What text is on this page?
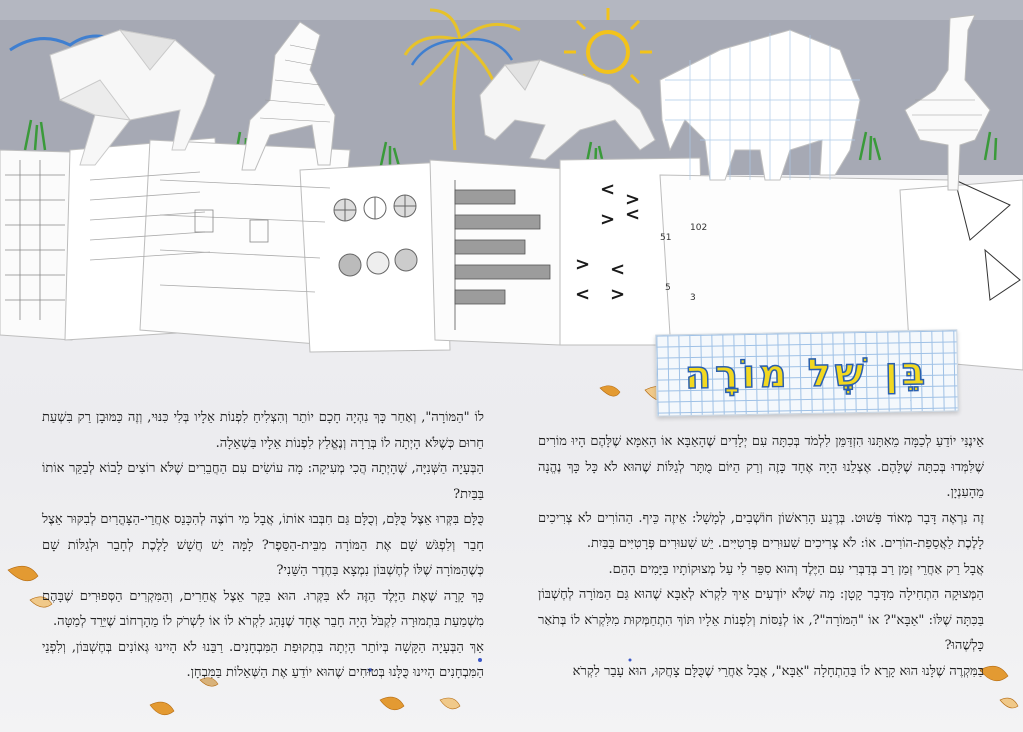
< >
> <
> <
< >	5
3
51
102
בֵּן שֶׁל מוֹרָה

לוֹ "הַמּוֹרָה", וְאַחַר כָּךְ נִהְיָה חָכָם יוֹתֵר וְהִצְלִיחַ לִפְנוֹת אֵלָיו בְּלִי כִּנּוּי, וְזֶה כַּמּוּבָן רַק בִּשְׁעַת חֵרוּם כְּשֶׁלֹּא הָיְתָה לוֹ בְּרֵרָה וְנֶאֱלַץ לִפְנוֹת אֵלָיו בִּשְׁאֵלָה.

הַבְּעָיָה הַשְּׁנִיָּה, שֶׁהָיְתָה הֲכִי מְעִיקָה: מָה עוֹשִׂים עִם הַחֲבֵרִים שֶׁלֹּא רוֹצִים לָבוֹא לְבַקֵּר אוֹתוֹ בַּבַּיִת?

כֻּלָּם בִּקְּרוּ אֵצֶל כֻּלָּם, וְכֻלָּם גַּם חִבְּבוּ אוֹתוֹ, אֲבָל מִי רוֹצֶה לְהִכָּנֵס אַחֲרֵי-הַצָּהֳרַיִם לְבִקּוּר אֵצֶל חָבֵר וְלִפְגֹּשׁ שָׁם אֶת הַמּוֹרָה מִבֵּית-הַסֵּפֶר? לָמָּה יֵשׁ חֲשָׁשׁ לָלֶכֶת לְחָבֵר וּלְגַלּוֹת שָׁם כְּשֶׁהַמּוֹרָה שֶׁלּוֹ לְחֶשְׁבּוֹן נִמְצָא בַּחֶדֶר הַשֵּׁנִי?

כָּךְ קָרָה שֶׁאֶת הַיֶּלֶד הַזֶּה לֹא בִּקְּרוּ. הוּא בִּקֵּר אֵצֶל אֲחֵרִים, וְהַמִּקְרִים הַסְּפוּרִים שֶׁבָּהֶם מִשְׁמַעַת בִּתְמוּרָה לִקְבֹּל הָיָה חָבֵר אֶחָד שֶׁנָּהַג לִקְרֹא לוֹ אוֹ לִשְׁרֹק לוֹ מֵהָרְחוֹב שֶׁיֵּרֵד לְמַטָּה.

אַךְ הַבְּעָיָה הַקָּשָׁה בְּיוֹתֵר הָיְתָה בִּתְקוּפַת הַמִּבְחָנִים. רַבֵּנוּ לֹא הָיִינוּ גְּאוֹנִים בְּחֶשְׁבּוֹן, וְלִפְנֵי הַמִּבְחָנִים הָיִינוּ כֻּלָּנוּ בְּטוּחִים שֶׁהוּא יוֹדֵעַ אֶת הַשְּׁאֵלוֹת בַּמִּבְחָן.

אֵינֶנִּי יוֹדֵעַ לְכַמָּה מֵאִתָּנוּ הִזְדַּמֵּן לִלְמֹד בְּכִתָּה עִם יְלָדִים שֶׁהָאַבָּא אוֹ הָאִמָּא שֶׁלָּהֶם הָיוּ מוֹרִים שֶׁלִּמְּדוּ בְּכִתָּה שֶׁלָּהֶם. אֶצְלֵנוּ הָיָה אֶחָד כָּזֶה וְרַק הַיּוֹם מֻתָּר לְגַלּוֹת שֶׁהוּא לֹא כָּל כָּךְ נֶהֱנָה מֵהָעִנְיָן.

זֶה נִרְאֶה דָּבָר מְאוֹד פָּשׁוּט. בְּרֶגַע הָרִאשׁוֹן חוֹשְׁבִים, לְמָשָׁל: אֵיזֶה כֵּיף. הַהוֹרִים לֹא צְרִיכִים לָלֶכֶת לַאֲסֵפַת-הוֹרִים. אוֹ: לֹא צְרִיכִים שִׁעוּרִים פְּרָטִיִּים. יֵשׁ שִׁעוּרִים פְּרָטִיִּים בַּבַּיִת.

אֲבָל רַק אַחֲרֵי זְמַן רַב בְּדַבְּרִי עִם הַיֶּלֶד וְהוּא סִפֵּר לִי עַל מְצוּקוֹתָיו בַּיָּמִים הָהֵם.

הַמְּצוּקָה הִתְחִילָה מִדָּבָר קָטָן: מָה שֶׁלֹּא יוֹדְעִים אֵיךְ לִקְרֹא לְאַבָּא שֶׁהוּא גַּם הַמּוֹרָה לְחֶשְׁבּוֹן בַּכִּתָּה שֶׁלּוֹ: "אַבָּא"? אוֹ "הַמּוֹרָה"?, אוֹ לְנַסּוֹת וְלִפְנוֹת אֵלָיו תּוֹךְ הִתְחַמְּקוּת מִלִּקְרֹא לוֹ בְּתֹאַר כָּלְשֶׁהוּ?

בַּמִּקְרֶה שֶׁלָּנוּ הוּא קָרָא לוֹ בַּהַתְחָלָה "אַבָּא", אֲבָל אַחֲרֵי שֶׁכֻּלָּם צָחֲקוּ, הוּא עָבַר לִקְרֹא
